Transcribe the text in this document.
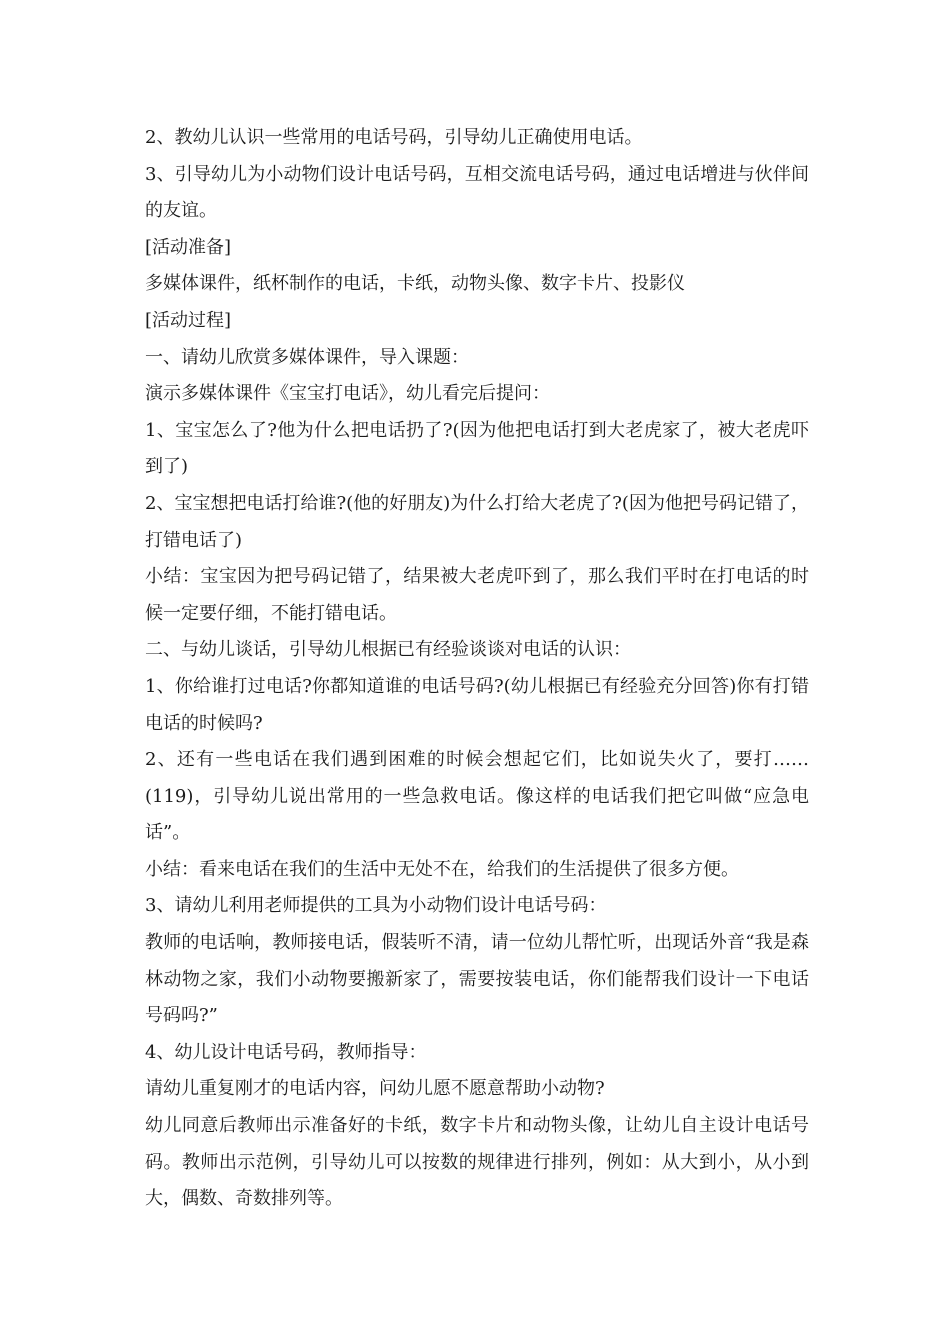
2、教幼儿认识一些常用的电话号码，引导幼儿正确使用电话。

3、引导幼儿为小动物们设计电话号码，互相交流电话号码，通过电话增进与伙伴间的友谊。

[活动准备]

多媒体课件，纸杯制作的电话，卡纸，动物头像、数字卡片、投影仪

[活动过程]

一、请幼儿欣赏多媒体课件，导入课题：

演示多媒体课件《宝宝打电话》，幼儿看完后提问：

1、宝宝怎么了?他为什么把电话扔了?(因为他把电话打到大老虎家了，被大老虎吓到了)

2、宝宝想把电话打给谁?(他的好朋友)为什么打给大老虎了?(因为他把号码记错了，打错电话了)

小结：宝宝因为把号码记错了，结果被大老虎吓到了，那么我们平时在打电话的时候一定要仔细，不能打错电话。

二、与幼儿谈话，引导幼儿根据已有经验谈谈对电话的认识：

1、你给谁打过电话?你都知道谁的电话号码?(幼儿根据已有经验充分回答)你有打错电话的时候吗?

2、还有一些电话在我们遇到困难的时候会想起它们，比如说失火了，要打……(119)，引导幼儿说出常用的一些急救电话。像这样的电话我们把它叫做“应急电话”。

小结：看来电话在我们的生活中无处不在，给我们的生活提供了很多方便。

3、请幼儿利用老师提供的工具为小动物们设计电话号码：

教师的电话响，教师接电话，假装听不清，请一位幼儿帮忙听，出现话外音“我是森林动物之家，我们小动物要搬新家了，需要按装电话，你们能帮我们设计一下电话号码吗?”

4、幼儿设计电话号码，教师指导：

请幼儿重复刚才的电话内容，问幼儿愿不愿意帮助小动物?

幼儿同意后教师出示准备好的卡纸，数字卡片和动物头像，让幼儿自主设计电话号码。教师出示范例，引导幼儿可以按数的规律进行排列，例如：从大到小，从小到大，偶数、奇数排列等。
